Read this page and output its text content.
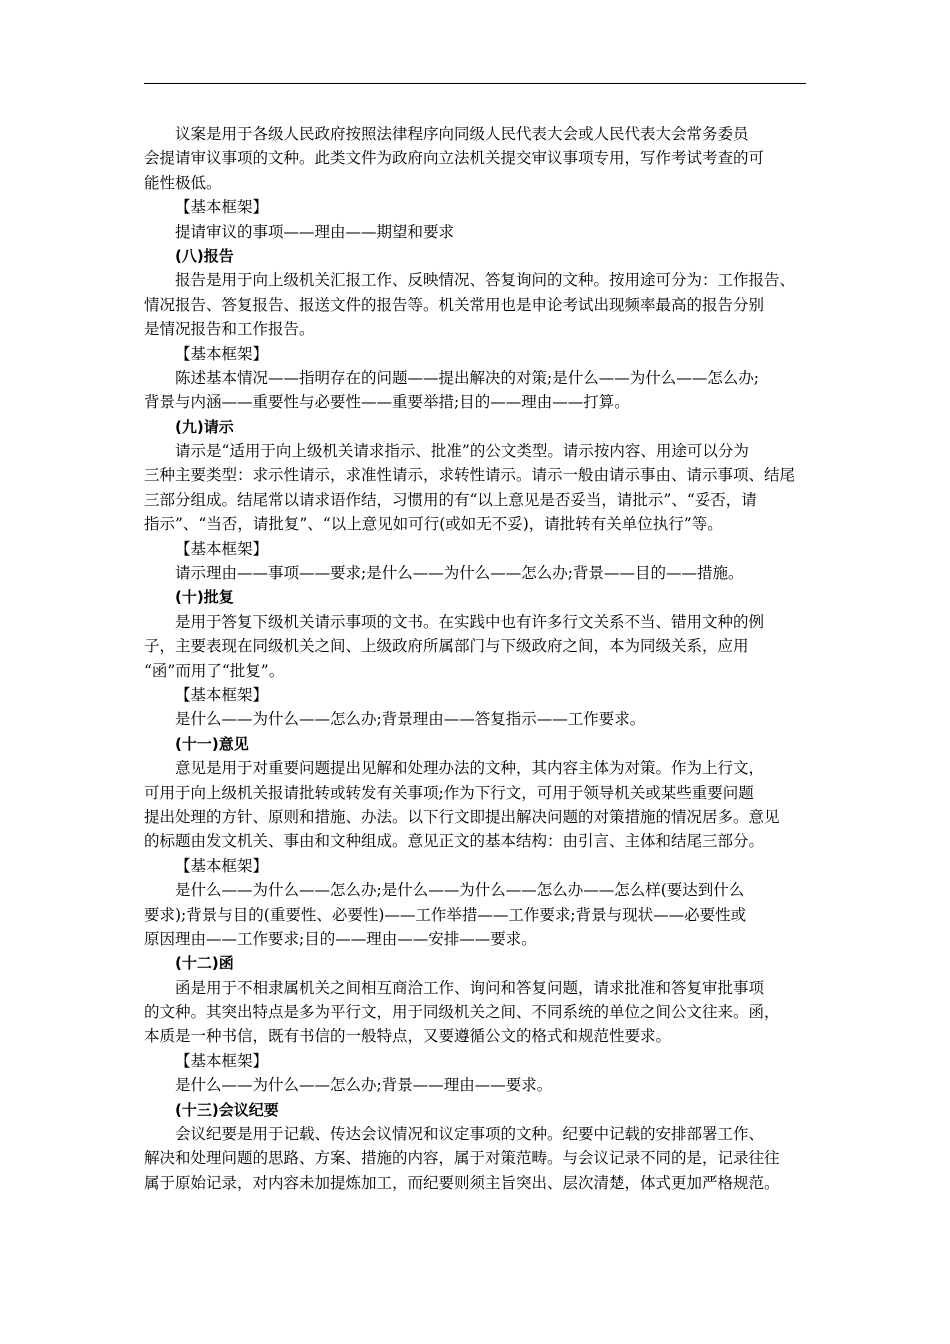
议案是用于各级人民政府按照法律程序向同级人民代表大会或人民代表大会常务委员
会提请审议事项的文种。此类文件为政府向立法机关提交审议事项专用，写作考试考查的可
能性极低。
【基本框架】
提请审议的事项——理由——期望和要求
(八)报告
报告是用于向上级机关汇报工作、反映情况、答复询问的文种。按用途可分为：工作报告、
情况报告、答复报告、报送文件的报告等。机关常用也是申论考试出现频率最高的报告分别
是情况报告和工作报告。
【基本框架】
陈述基本情况——指明存在的问题——提出解决的对策;是什么——为什么——怎么办;
背景与内涵——重要性与必要性——重要举措;目的——理由——打算。
(九)请示
请示是“适用于向上级机关请求指示、批准”的公文类型。请示按内容、用途可以分为
三种主要类型：求示性请示，求准性请示，求转性请示。请示一般由请示事由、请示事项、结尾
三部分组成。结尾常以请求语作结，习惯用的有“以上意见是否妥当，请批示”、“妥否，请
指示”、“当否，请批复”、“以上意见如可行(或如无不妥)，请批转有关单位执行”等。
【基本框架】
请示理由——事项——要求;是什么——为什么——怎么办;背景——目的——措施。
(十)批复
是用于答复下级机关请示事项的文书。在实践中也有许多行文关系不当、错用文种的例
子，主要表现在同级机关之间、上级政府所属部门与下级政府之间，本为同级关系，应用
“函”而用了“批复”。
【基本框架】
是什么——为什么——怎么办;背景理由——答复指示——工作要求。
(十一)意见
意见是用于对重要问题提出见解和处理办法的文种，其内容主体为对策。作为上行文，
可用于向上级机关报请批转或转发有关事项;作为下行文，可用于领导机关或某些重要问题
提出处理的方针、原则和措施、办法。以下行文即提出解决问题的对策措施的情况居多。意见
的标题由发文机关、事由和文种组成。意见正文的基本结构：由引言、主体和结尾三部分。
【基本框架】
是什么——为什么——怎么办;是什么——为什么——怎么办——怎么样(要达到什么
要求);背景与目的(重要性、必要性)——工作举措——工作要求;背景与现状——必要性或
原因理由——工作要求;目的——理由——安排——要求。
(十二)函
函是用于不相隶属机关之间相互商洽工作、询问和答复问题，请求批准和答复审批事项
的文种。其突出特点是多为平行文，用于同级机关之间、不同系统的单位之间公文往来。函，
本质是一种书信，既有书信的一般特点，又要遵循公文的格式和规范性要求。
【基本框架】
是什么——为什么——怎么办;背景——理由——要求。
(十三)会议纪要
会议纪要是用于记载、传达会议情况和议定事项的文种。纪要中记载的安排部署工作、
解决和处理问题的思路、方案、措施的内容，属于对策范畴。与会议记录不同的是，记录往往
属于原始记录，对内容未加提炼加工，而纪要则须主旨突出、层次清楚，体式更加严格规范。
